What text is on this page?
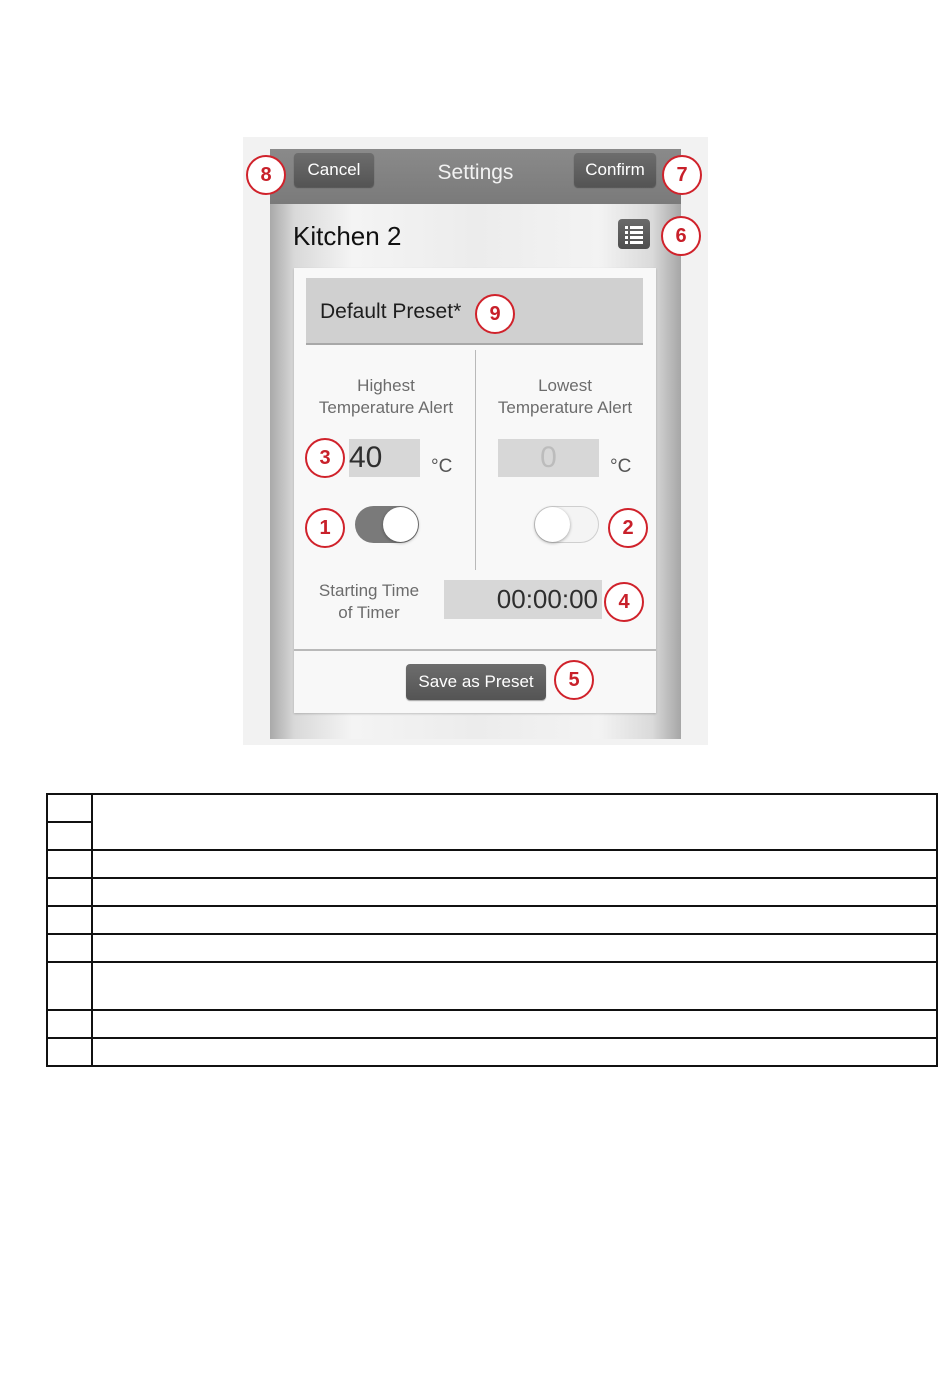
Cancel	Settings	Confirm
Kitchen 2
Default Preset*
Highest
Temperature Alert
Lowest
Temperature Alert
40	°C	0	°C
Starting Time
of Timer	00:00:00
Save as Preset
8	7
6
9
3
1	2
4
5
